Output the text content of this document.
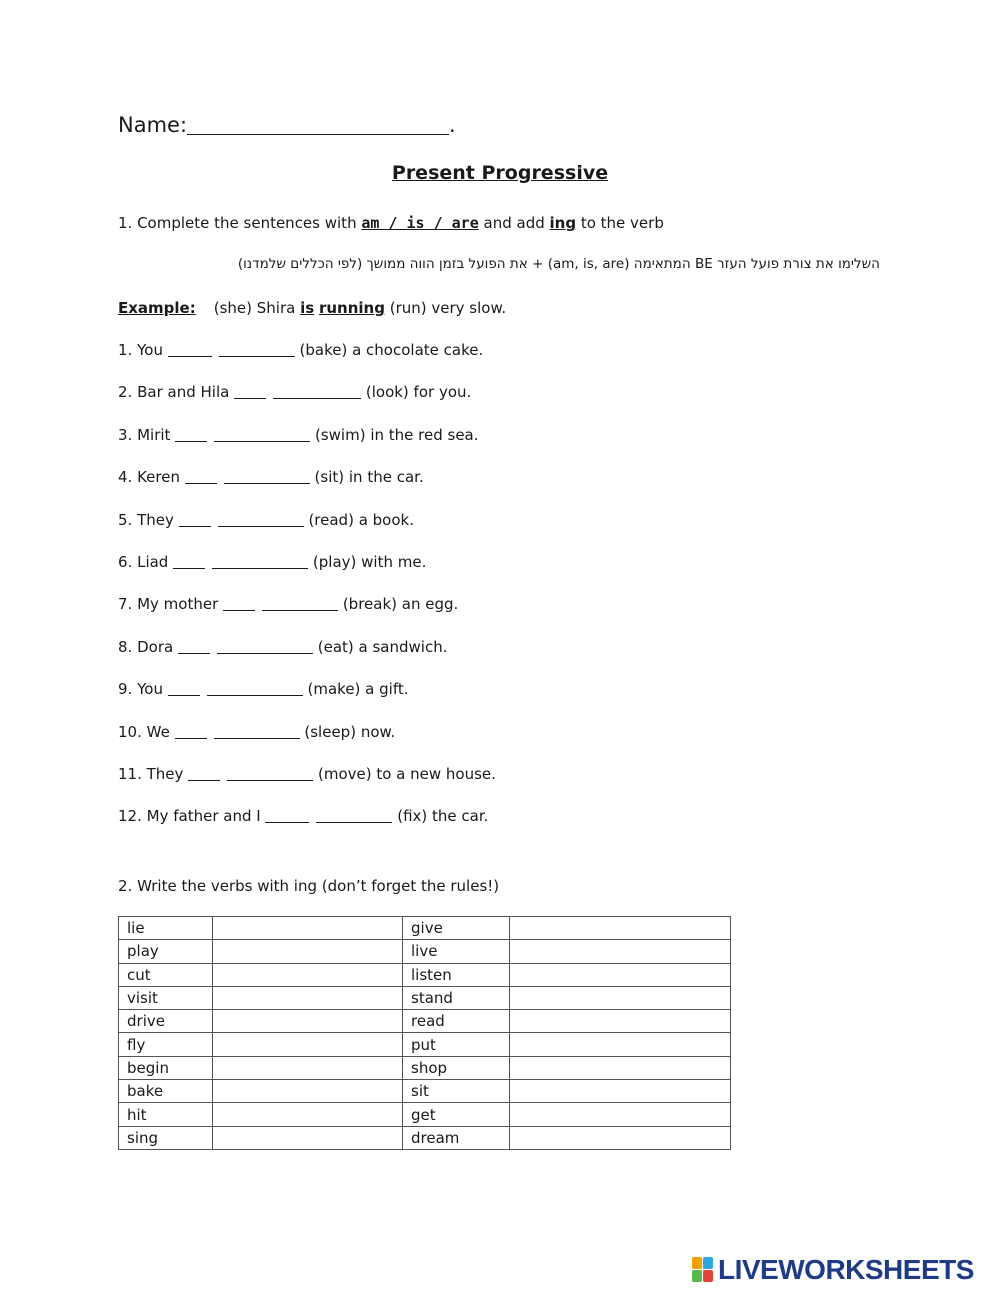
Name:	.
Present Progressive
1. Complete the sentences with am / is / are and add ing to the verb
השלימו את צורת פועל העזר BE המתאימה (am, is, are) + את הפועל בזמן הווה ממושך (לפי הכללים שלמדנו)
Example: (she) Shira is running (run) very slow.
1. You	(bake) a chocolate cake.
2. Bar and Hila	(look) for you.
3. Mirit	(swim) in the red sea.
4. Keren	(sit) in the car.
5. They	(read) a book.
6. Liad	(play) with me.
7. My mother	(break) an egg.
8. Dora	(eat) a sandwich.
9. You	(make) a gift.
10. We	(sleep) now.
11. They	(move) to a new house.
12. My father and I	(fix) the car.
2. Write the verbs with ing (don’t forget the rules!)
lie		give	
play		live	
cut		listen	
visit		stand	
drive		read	
fly		put	
begin		shop	
bake		sit	
hit		get	
sing		dream	
LIVEWORKSHEETS
